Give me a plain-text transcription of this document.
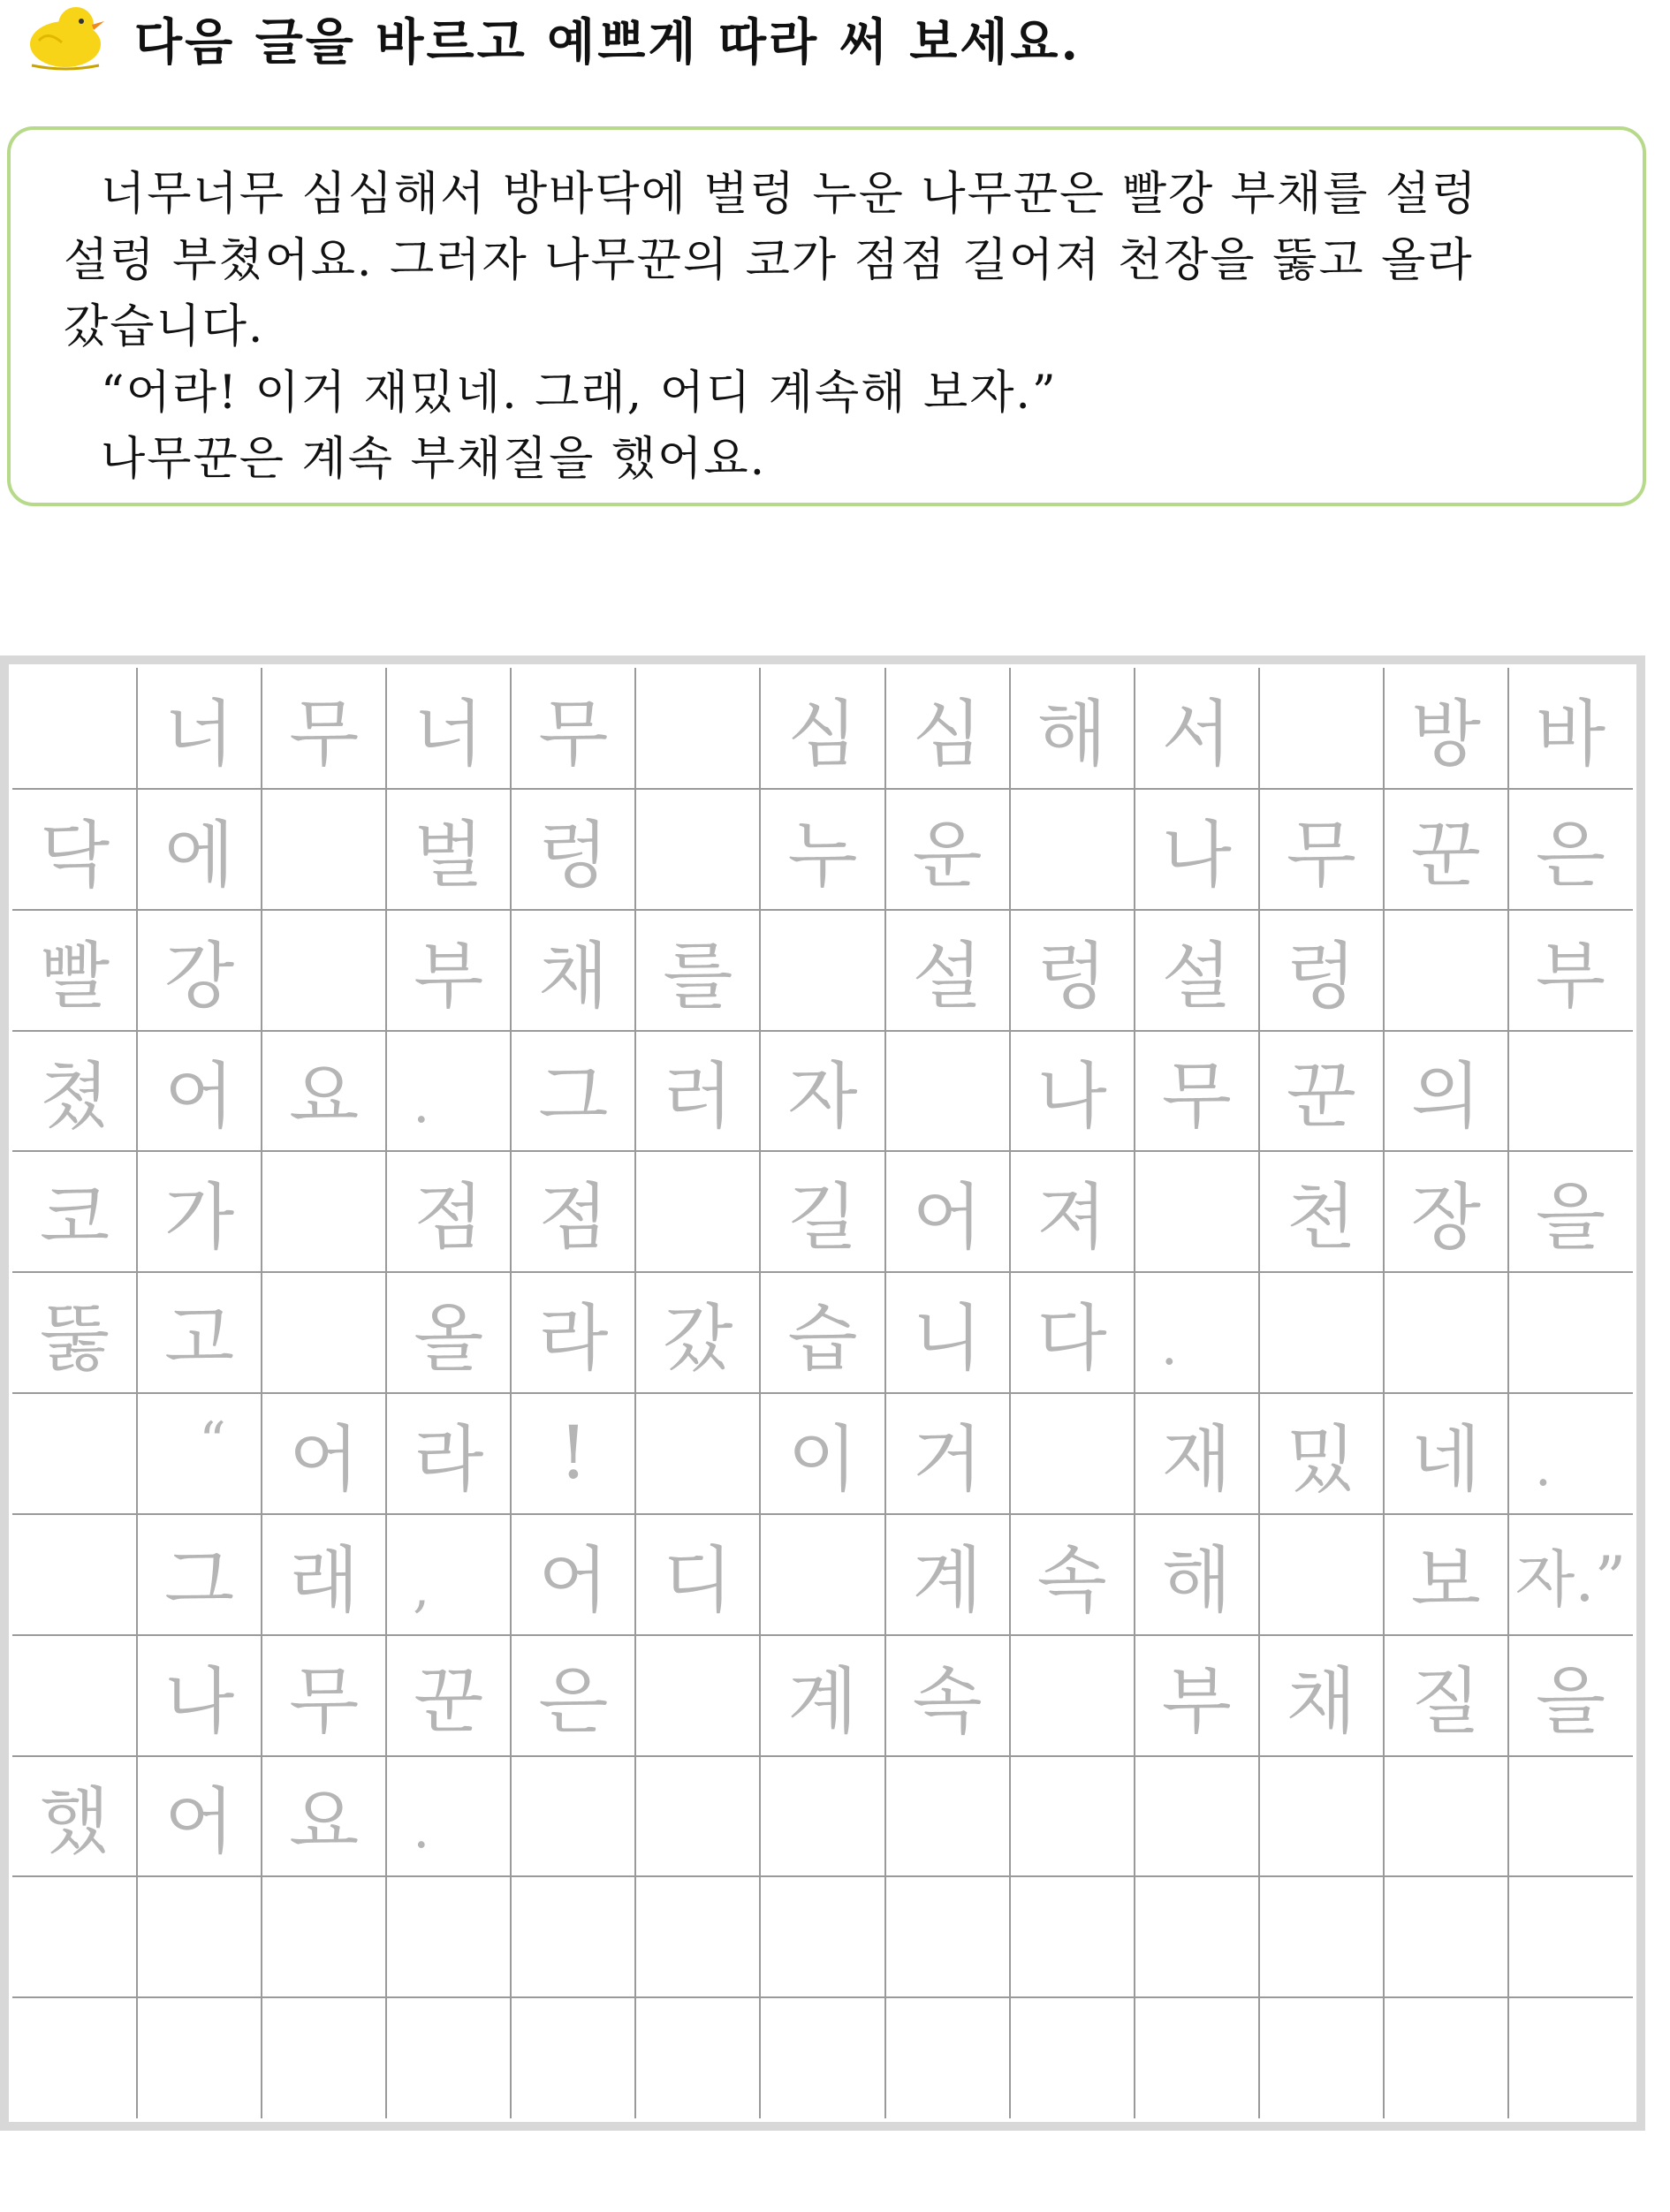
다음 글을 바르고 예쁘게 따라 써 보세요.
너무너무 심심해서 방바닥에 벌렁 누운 나무꾼은 빨강 부채를 설렁
설렁 부쳤어요. 그러자 나무꾼의 코가 점점 길어져 천장을 뚫고 올라
갔습니다.
“어라! 이거 재밌네. 그래, 어디 계속해 보자.”
나무꾼은 계속 부채질을 했어요.
너 무 너 무	심 심 해 서	방 바
닥 에	벌 렁	누 운	나 무 꾼 은
빨 강	부 채 를	설 렁 설 렁	부
쳤 어 요	.	그 러 자	나 무 꾼 의
코 가	점 점	길 어 져	천 장 을
뚫 고	올 라 갔 습 니 다	.
“ 어 라	!	이 거	재 밌 네	.
그 래	,	어 디	계 속 해	보 자.”
나 무 꾼 은	계 속	부 채 질 을
했 어 요	.
